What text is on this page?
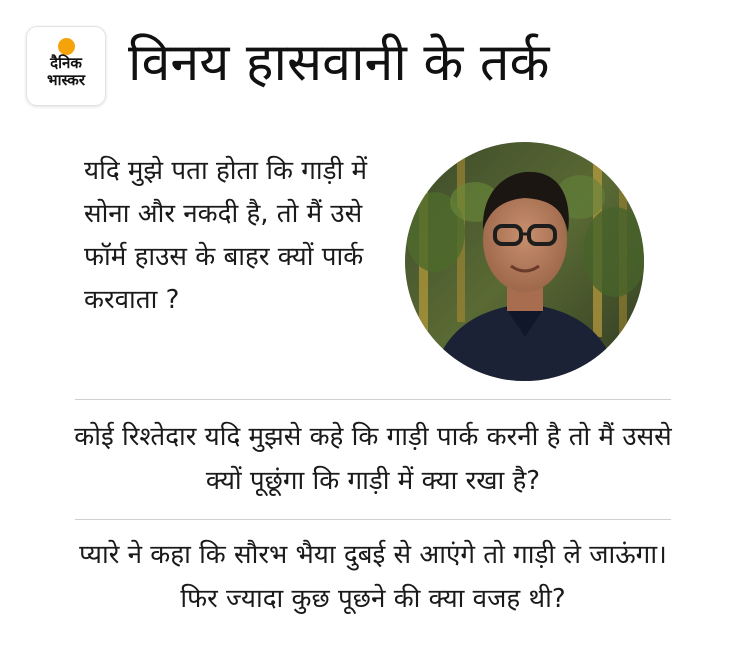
दैनिक
भास्कर विनय हासवानी के तर्क
यदि मुझे पता होता कि गाड़ी में सोना और नकदी है, तो मैं उसे फॉर्म हाउस के बाहर क्यों पार्क करवाता ?
कोई रिश्तेदार यदि मुझसे कहे कि गाड़ी पार्क करनी है तो मैं उससे क्यों पूछूंगा कि गाड़ी में क्या रखा है?
प्यारे ने कहा कि सौरभ भैया दुबई से आएंगे तो गाड़ी ले जाऊंगा। फिर ज्यादा कुछ पूछने की क्या वजह थी?
